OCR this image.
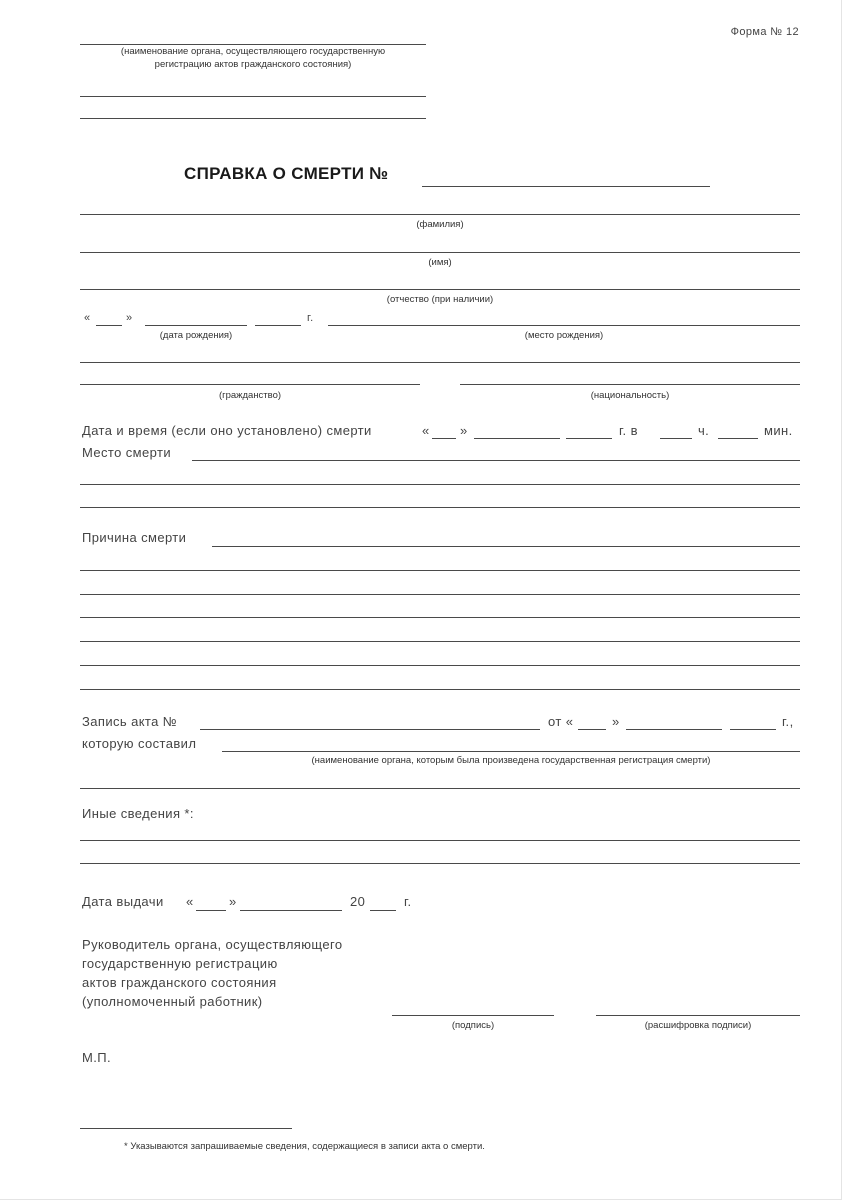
Форма № 12
(наименование органа, осуществляющего государственную
регистрацию актов гражданского состояния)
СПРАВКА О СМЕРТИ №
(фамилия)
(имя)
(отчество (при наличии)
«	»	г.
(дата рождения)	(место рождения)
(гражданство)	(национальность)
Дата и время (если оно установлено) смерти	« »	г. в	ч.	мин.
Место смерти
Причина смерти
Запись акта №	от «	»	г.,
которую составил
(наименование органа, которым была произведена государственная регистрация смерти)
Иные сведения *:
Дата выдачи «	»	20	г.
Руководитель органа, осуществляющего
государственную регистрацию
актов гражданского состояния
(уполномоченный работник)
(подпись)	(расшифровка подписи)
М.П.
* Указываются запрашиваемые сведения, содержащиеся в записи акта о смерти.
